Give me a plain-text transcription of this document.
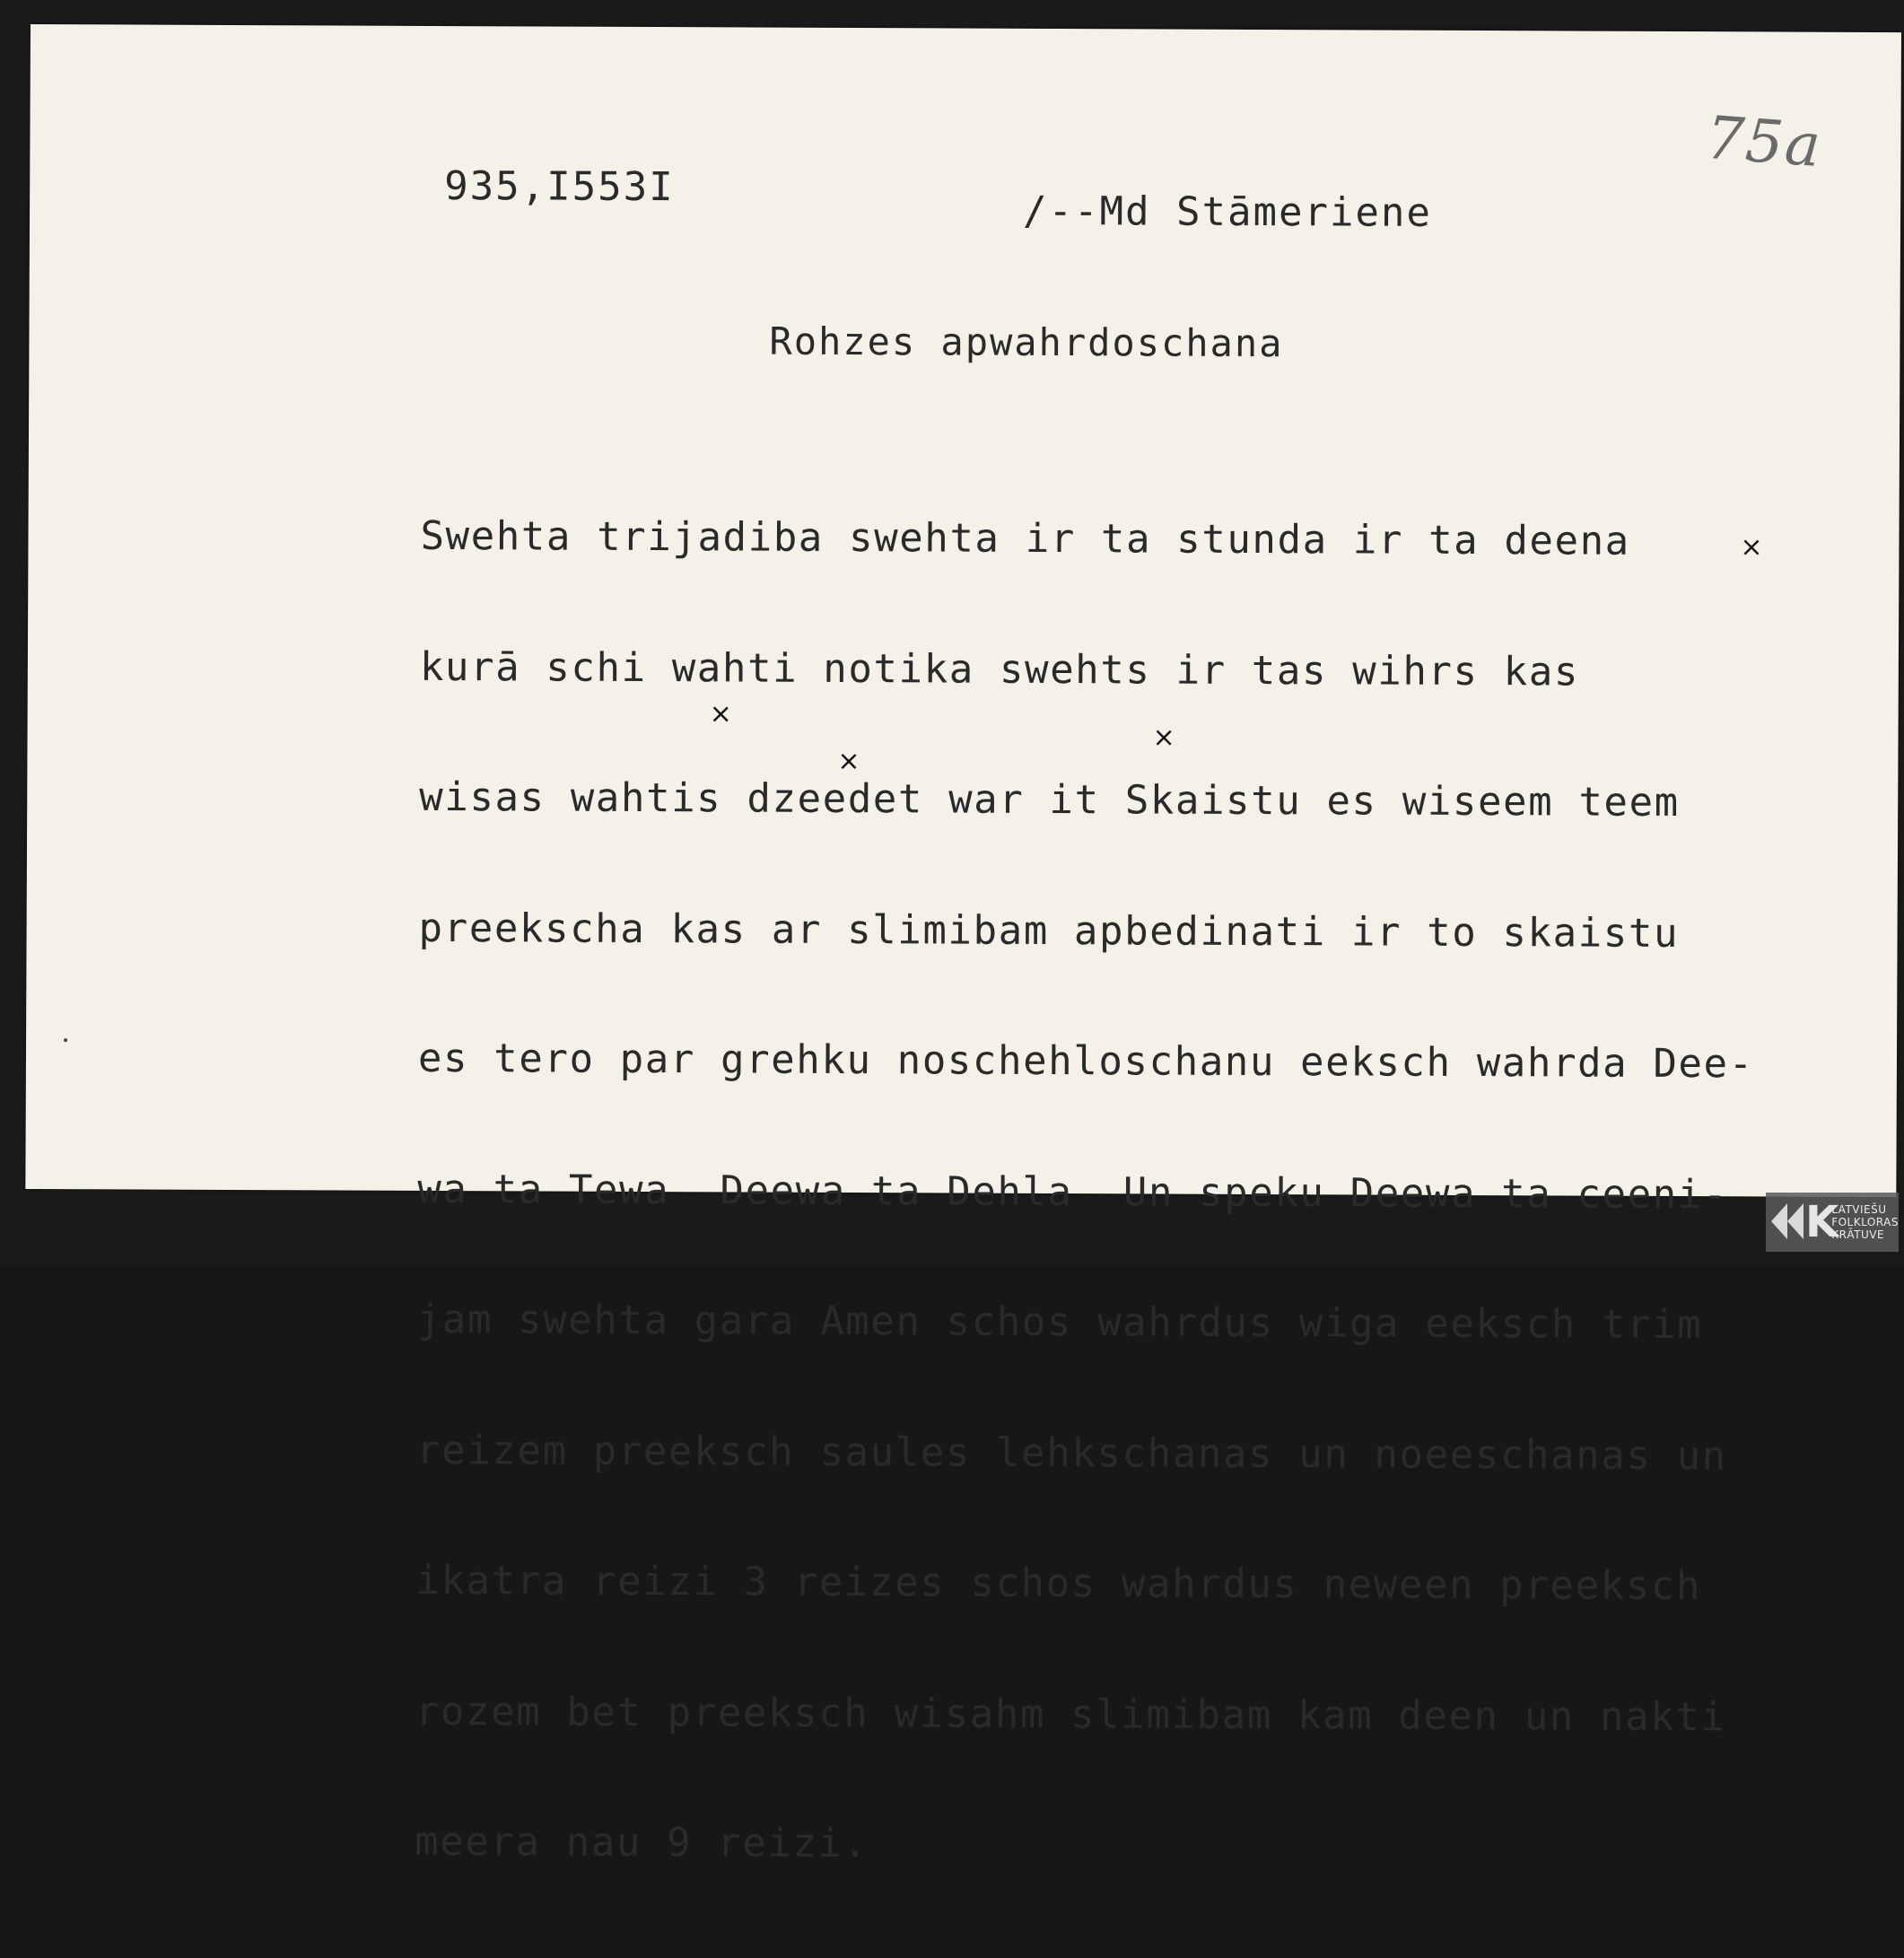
935,I553I
/--Md Stāmeriene
75a
Rohzes apwahrdoschana

Swehta trijadiba swehta ir ta stunda ir ta deena

kurā schi wahti notika swehts ir tas wihrs kas

wisas wahtis dzeedet war it Skaistu es wiseem teem

preekscha kas ar slimibam apbedinati ir to skaistu

es tero par grehku noschehloschanu eeksch wahrda Dee-

wa ta Tewa  Deewa ta Dehla  Un speku Deewa ta ceeni-

jam swehta gara Amen schos wahrdus wiga eeksch trim

reizem preeksch saules lehkschanas un noeeschanas un

ikatra reizi 3 reizes schos wahrdus neween preeksch

rozem bet preeksch wisahm slimibam kam deen un nakti

meera nau 9 reizi.

×
×
×
×
K
LATVIEŠU
FOLKLORAS
KRĀTUVE
